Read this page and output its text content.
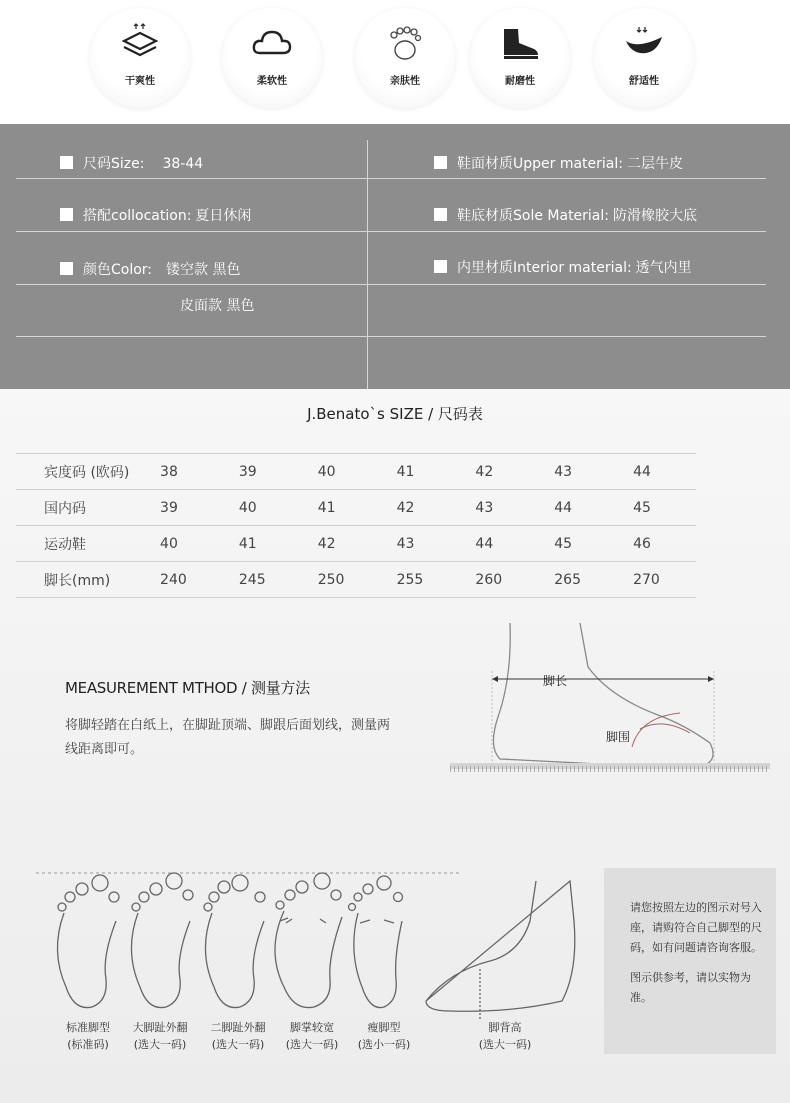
干爽性	柔软性	亲肤性	耐磨性	舒适性
尺码Size: 38-44
搭配collocation: 夏日休闲
颜色Color: 镂空款 黑色
皮面款 黑色
鞋面材质Upper material: 二层牛皮
鞋底材质Sole Material: 防滑橡胶大底
内里材质Interior material: 透气内里
J.Benato`s SIZE / 尺码表
宾度码 (欧码)	38	39	40	41	42	43	44
国内码	39	40	41	42	43	44	45
运动鞋	40	41	42	43	44	45	46
脚长(mm)	240	245	250	255	260	265	270
MEASUREMENT MTHOD / 测量方法
将脚轻踏在白纸上，在脚趾顶端、脚跟后面划线，测量两线距离即可。
脚长
脚围
标准脚型
(标准码)
大脚趾外翻
(选大一码)
二脚趾外翻
(选大一码)
脚掌较宽
(选大一码)
瘦脚型
(选小一码)
脚背高
(选大一码)

请您按照左边的图示对号入座，请购符合自己脚型的尺码，如有问题请咨询客服。

图示供参考，请以实物为准。
